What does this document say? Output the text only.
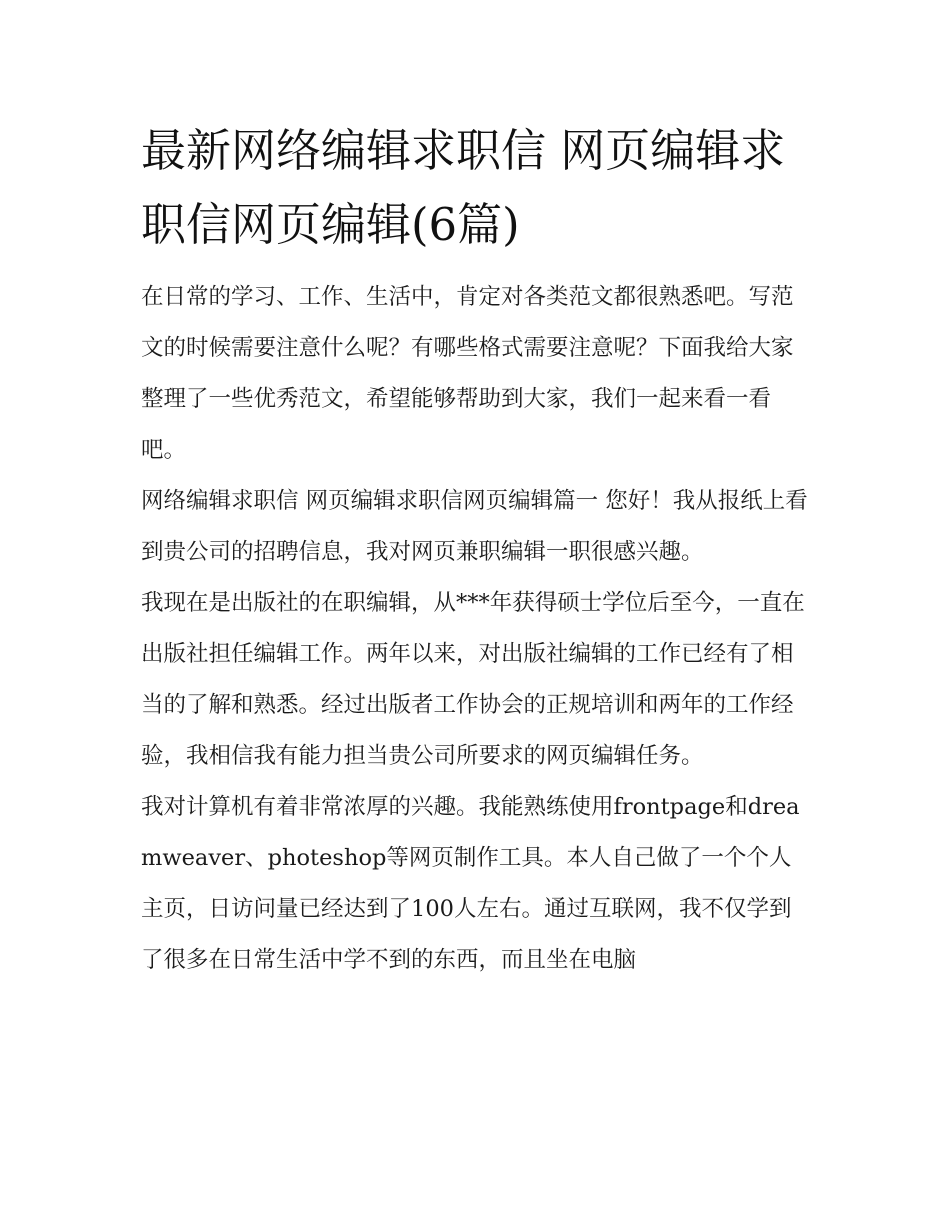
最新网络编辑求职信 网页编辑求职信网页编辑(6篇)

在日常的学习、工作、生活中，肯定对各类范文都很熟悉吧。写范文的时候需要注意什么呢？有哪些格式需要注意呢？下面我给大家整理了一些优秀范文，希望能够帮助到大家，我们一起来看一看吧。

网络编辑求职信 网页编辑求职信网页编辑篇一 您好！我从报纸上看到贵公司的招聘信息，我对网页兼职编辑一职很感兴趣。

我现在是出版社的在职编辑，从***年获得硕士学位后至今，一直在出版社担任编辑工作。两年以来，对出版社编辑的工作已经有了相当的了解和熟悉。经过出版者工作协会的正规培训和两年的工作经验，我相信我有能力担当贵公司所要求的网页编辑任务。

我对计算机有着非常浓厚的兴趣。我能熟练使用frontpage和dreamweaver、photeshop等网页制作工具。本人自己做了一个个人主页，日访问量已经达到了100人左右。通过互联网，我不仅学到了很多在日常生活中学不到的东西，而且坐在电脑
